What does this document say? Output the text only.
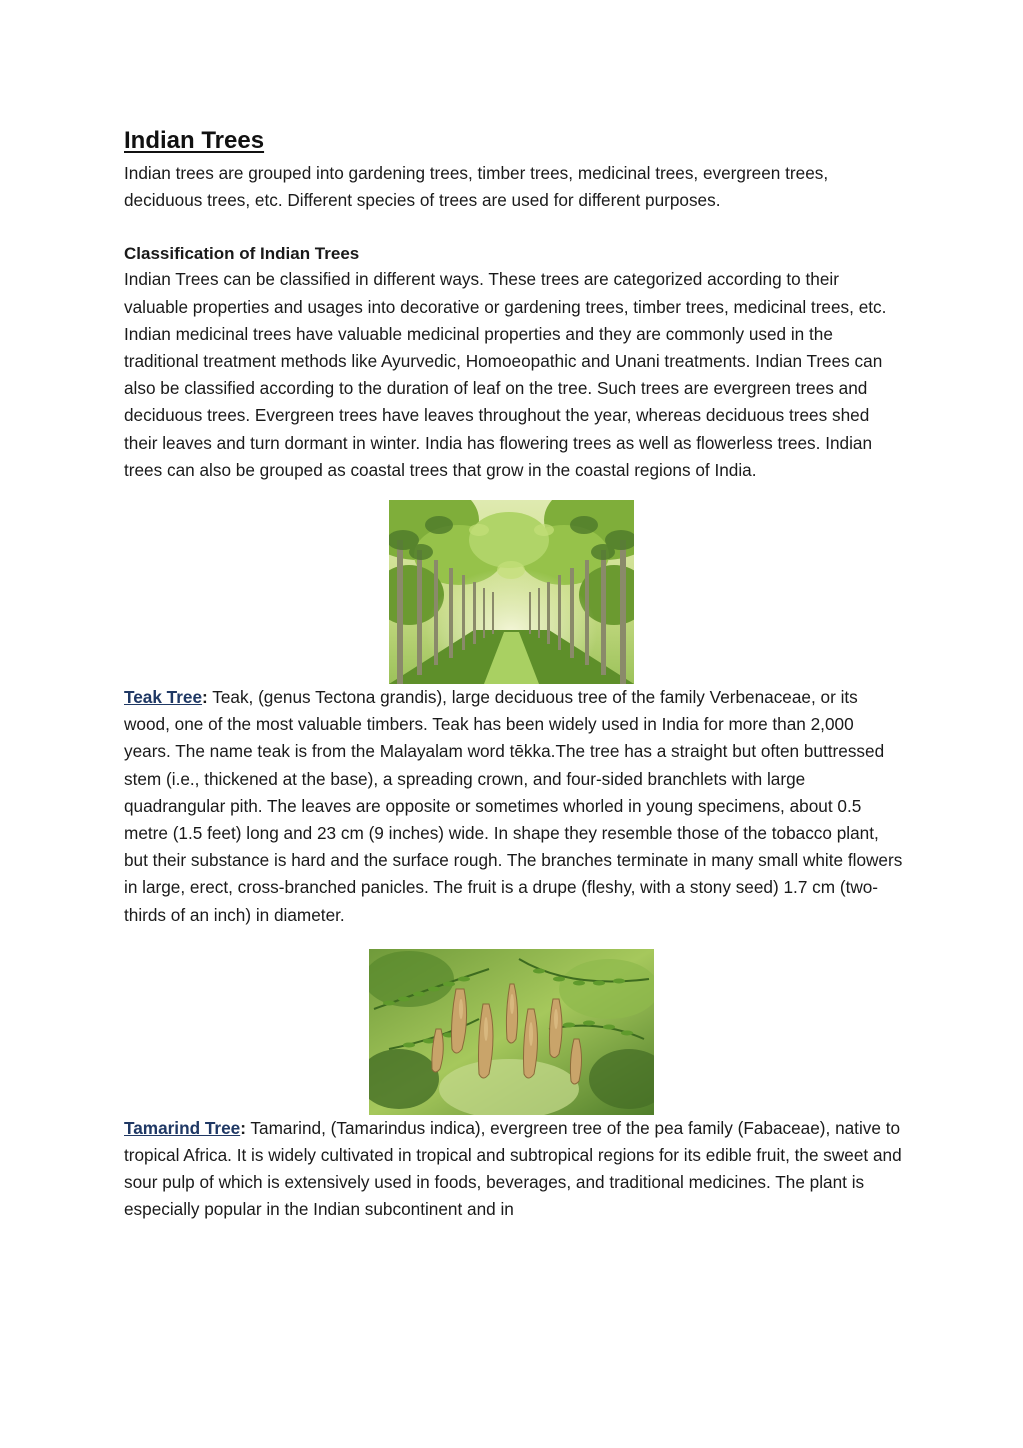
Indian Trees

Indian trees are grouped into gardening trees, timber trees, medicinal trees, evergreen trees, deciduous trees, etc. Different species of trees are used for different purposes.

Classification of Indian Trees

Indian Trees can be classified in different ways. These trees are categorized according to their valuable properties and usages into decorative or gardening trees, timber trees, medicinal trees, etc. Indian medicinal trees have valuable medicinal properties and they are commonly used in the traditional treatment methods like Ayurvedic, Homoeopathic and Unani treatments. Indian Trees can also be classified according to the duration of leaf on the tree. Such trees are evergreen trees and deciduous trees. Evergreen trees have leaves throughout the year, whereas deciduous trees shed their leaves and turn dormant in winter. India has flowering trees as well as flowerless trees. Indian trees can also be grouped as coastal trees that grow in the coastal regions of India.

Teak Tree: Teak, (genus Tectona grandis), large deciduous tree of the family Verbenaceae, or its wood, one of the most valuable timbers. Teak has been widely used in India for more than 2,000 years. The name teak is from the Malayalam word tēkka.The tree has a straight but often buttressed stem (i.e., thickened at the base), a spreading crown, and four-sided branchlets with large quadrangular pith. The leaves are opposite or sometimes whorled in young specimens, about 0.5 metre (1.5 feet) long and 23 cm (9 inches) wide. In shape they resemble those of the tobacco plant, but their substance is hard and the surface rough. The branches terminate in many small white flowers in large, erect, cross-branched panicles. The fruit is a drupe (fleshy, with a stony seed) 1.7 cm (two-thirds of an inch) in diameter.

Tamarind Tree: Tamarind, (Tamarindus indica), evergreen tree of the pea family (Fabaceae), native to tropical Africa. It is widely cultivated in tropical and subtropical regions for its edible fruit, the sweet and sour pulp of which is extensively used in foods, beverages, and traditional medicines. The plant is especially popular in the Indian subcontinent and in
